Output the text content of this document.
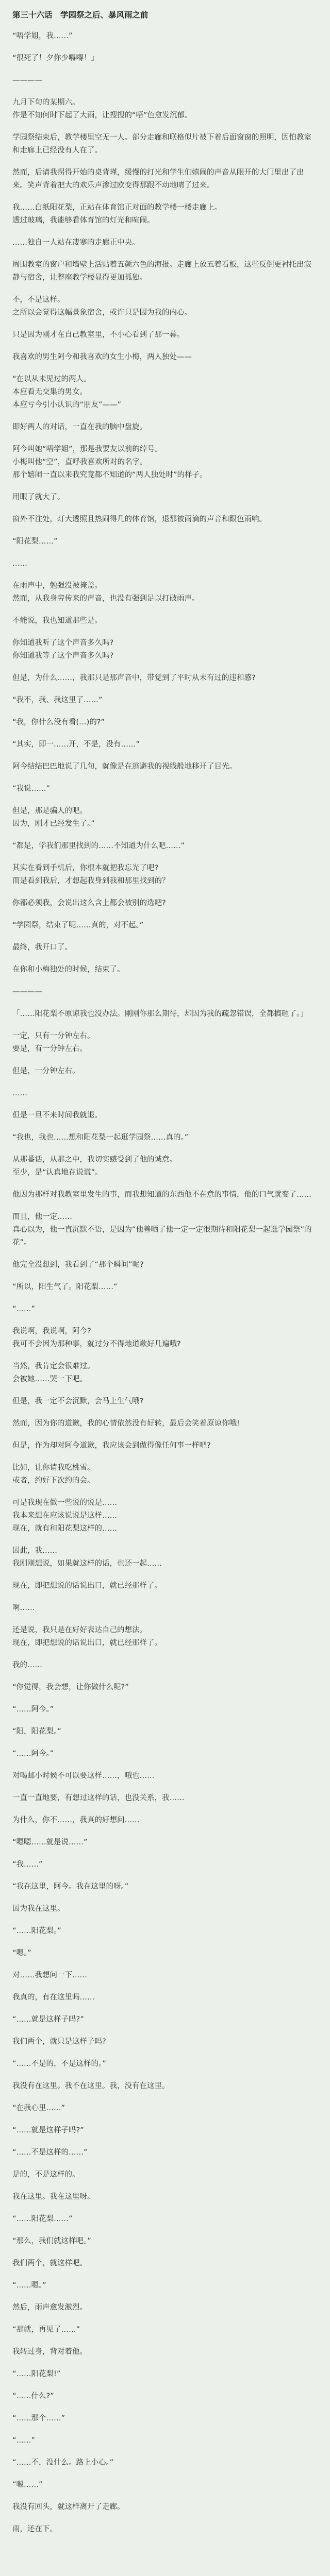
第三十六话　学园祭之后、暴风雨之前

“唔学姐，我……”

“很死了！夕你少嘚嘚！」

————

九月下旬的某期六。
作是不知何时下起了大雨，让搜搜的“唔”色愈发沉郁。

学园祭结束后，教学楼里空无一人。部分走廊和联格似片被下着后面窗窗的照明，因怕教室和走廊上已经没有人在了。

然而，后请我拐得开始的桌背瑾，缓慢的打光和学生们嬉闹的声音从眼开的大门里出了出来。笑声背着把大的欢乐声渗过欧变得那跟不动地晴了过来。

我……白纸阳花梨，正站在体育馆正对面的教学楼一楼走廊上。
透过玻璃，我能够看体育馆的灯光和喧闹。

……独自一人站在凄寒的走廊正中央。

周围教室的窗户和墙壁上活贴着五颜六色的海报。走廊上放五着看板，这些反倒更衬托出寂静与宿舍，让整座教学楼显得更加孤独。

不，不是这样。
之所以会觉得这幅景象宿舍，或许只是因为我的内心。

只是因为刚才在自己教室里，不小心看到了那一幕。

我喜欢的男生阿今和我喜欢的女生小梅，两人独处——

“在以从未见过的两人。
本应看无交集的男女。
本应亏今引小认识的“朋友”——”

即好两人的对话，一直在我的脑中盘旋。

阿今叫她“唔学姐”，那是我要友以前的绰号。
小梅叫他“空”，直呼我喜欢所对的名字。
那个嬉闹一直以来我究竟都不知道的“两人独处时”的样子。

用眼了就大了。

窗外不注处，灯大透照且热闹得几的体育馆，退那被雨滴的声音和跟色雨响。

“阳花梨……”

……

在雨声中，勉强没被掩盖。
然而，从我身旁传来的声音，也没有强到足以打破雨声。

不能说，我也知道那些是。

你知道我听了这个声音多久吗?
你知道我等了这个声音多久吗?

但是，为什么……，我那只是那声音中，带觉到了平时从未有过的违和感?

“我不，我、我这里了……”

“我，你什么没有看(…)的?”

“其实，即一……开，不是，没有……”

阿今结结巴巴地说了几句，就像是在逃避我的视线般地移开了目光。

“我说……”

但是，那是骗人的吧。
因为，刚才已经发生了。”

“都是，学我们那里找到的……不知道为什么吧……”

其实在看到手机后，你根本就把我忘光了吧?
而是看到我后，才想起我身到我和那里找到的？

你都必须我，会说出这么含上都会被别的选吧?

“学园祭，结束了呢……真的，对不起。”

最终，我开口了。

在你和小梅独处的时候，结束了。

————

「……阳花梨不原谅我也没办法。刚刚你那么期待，却因为我的疏忽错误，全都搞砸了。」

一定，只有一分钟左右。
要是，有一分钟左右。

但是，一分钟左右。

……

但是一旦不来时间我就退。

“我也，我也……想和阳花梨一起逛学园祭……真的。”

从那番话，从那之中，我切实感受到了他的诚意。
至少，是“认真地在说谎”。

他因为那样对我教室里发生的事，而我想知道的东西他不在意的事情，他的口气就变了……

而且，他一定……
真心以为，他一直沉默不语，是因为“他善晒了他一定一定很期待和阳花梨一起逛学园祭”的花”。

他完全没想到，我看到了“那个瞬间”呢?

“所以，阳生气了。阳花梨……”

“……”

我说啊，我说啊，阿今?
我可不会因为那种事，就过分不得地道歉好几遍哦?

当然，我肯定会很难过。
会被她……哭一下吧。

但是，我一定不会沉默，会马上生气哦?

然而，因为你的道歉，我的心情依然没有好转，最后会笑着原谅你哦!

但是，作为却对阿今道歉，我应该会到做得像任何事一样吧?

比如，让你请我吃桃雪。
或者，约好下次约的会。

可是我现在做一些说的说是……
我本来想在应该说说是这样……
现在，就有和阳花梨这样的……

因此，我……
我刚刚想说，如果就这样的话，也还一起……

现在，即把想说的话说出口，就已经那样了。

啊……

还是说，我只是在好好表达自己的想法。
现在，即把想说的话说出口，就已经那样了。

我的……

“你觉得，我会想，让你做什么呢?”

“……阿今。”

“阳，阳花梨。”

“……阿今。”

对喝邮小时候不可以要这样……，哦也……

一直一直地要，有想过这样的话，也没关系，我……

为什么，你不……，我真的好想问……

“嗯嗯……就是说……”

“我……”

“我在这里，阿今。我在这里的呀。”

因为我在这里。

“……阳花梨。”

“嗯。”

对……我想问一下……

我真的，有在这里吗……

“……就是这样子吗?”

我们两个，就只是这样子吗?

“……不是的，不是这样的。”

我没有在这里。我不在这里。我，没有在这里。

“在我心里……”

“……就是这样子吗?”

“……不是这样的……”

是的，不是这样的。

我在这里。我在这里呀。

“……阳花梨……”

“那么，我们就这样吧。”

我们两个，就这样吧。

“……嗯。”

然后，雨声愈发激烈。

“那就，再见了……”

我转过身，背对着他。

“……阳花梨!”

“……什么?”

“……那个……”

“……”

“……不，没什么。路上小心。”

“嗯……”

我没有回头，就这样离开了走廊。

雨，还在下。
